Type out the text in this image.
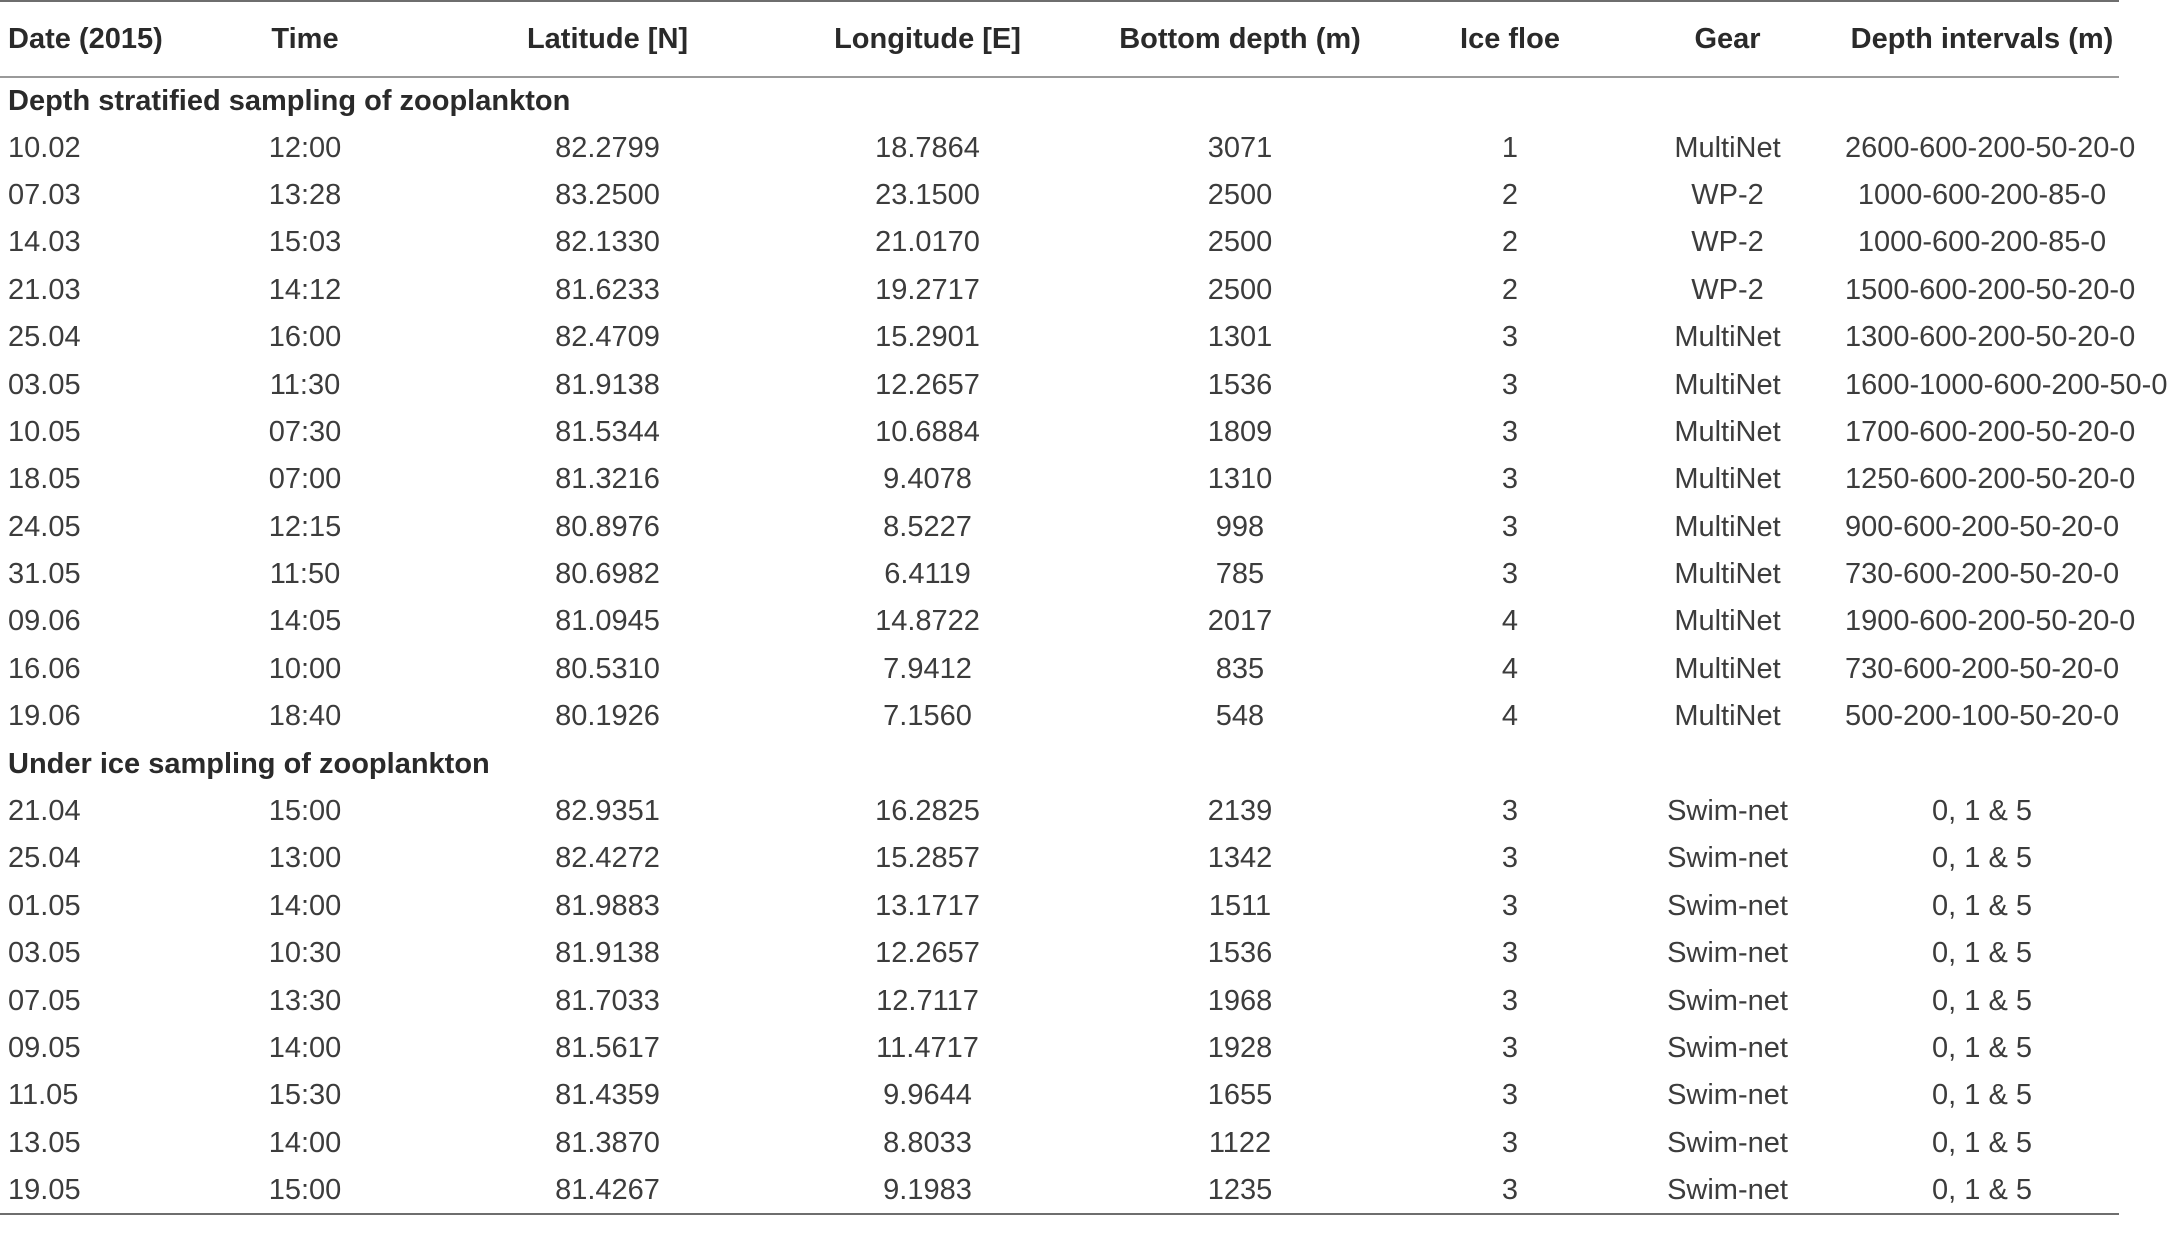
Date (2015)	Time	Latitude [N]	Longitude [E]	Bottom depth (m)	Ice floe	Gear	Depth intervals (m)
Depth stratified sampling of zooplankton							
10.02	12:00	82.2799	18.7864	3071	1	MultiNet	2600-600-200-50-20-0
07.03	13:28	83.2500	23.1500	2500	2	WP-2	1000-600-200-85-0
14.03	15:03	82.1330	21.0170	2500	2	WP-2	1000-600-200-85-0
21.03	14:12	81.6233	19.2717	2500	2	WP-2	1500-600-200-50-20-0
25.04	16:00	82.4709	15.2901	1301	3	MultiNet	1300-600-200-50-20-0
03.05	11:30	81.9138	12.2657	1536	3	MultiNet	1600-1000-600-200-50-0
10.05	07:30	81.5344	10.6884	1809	3	MultiNet	1700-600-200-50-20-0
18.05	07:00	81.3216	9.4078	1310	3	MultiNet	1250-600-200-50-20-0
24.05	12:15	80.8976	8.5227	998	3	MultiNet	900-600-200-50-20-0
31.05	11:50	80.6982	6.4119	785	3	MultiNet	730-600-200-50-20-0
09.06	14:05	81.0945	14.8722	2017	4	MultiNet	1900-600-200-50-20-0
16.06	10:00	80.5310	7.9412	835	4	MultiNet	730-600-200-50-20-0
19.06	18:40	80.1926	7.1560	548	4	MultiNet	500-200-100-50-20-0
Under ice sampling of zooplankton							
21.04	15:00	82.9351	16.2825	2139	3	Swim-net	0, 1 & 5
25.04	13:00	82.4272	15.2857	1342	3	Swim-net	0, 1 & 5
01.05	14:00	81.9883	13.1717	1511	3	Swim-net	0, 1 & 5
03.05	10:30	81.9138	12.2657	1536	3	Swim-net	0, 1 & 5
07.05	13:30	81.7033	12.7117	1968	3	Swim-net	0, 1 & 5
09.05	14:00	81.5617	11.4717	1928	3	Swim-net	0, 1 & 5
11.05	15:30	81.4359	9.9644	1655	3	Swim-net	0, 1 & 5
13.05	14:00	81.3870	8.8033	1122	3	Swim-net	0, 1 & 5
19.05	15:00	81.4267	9.1983	1235	3	Swim-net	0, 1 & 5
